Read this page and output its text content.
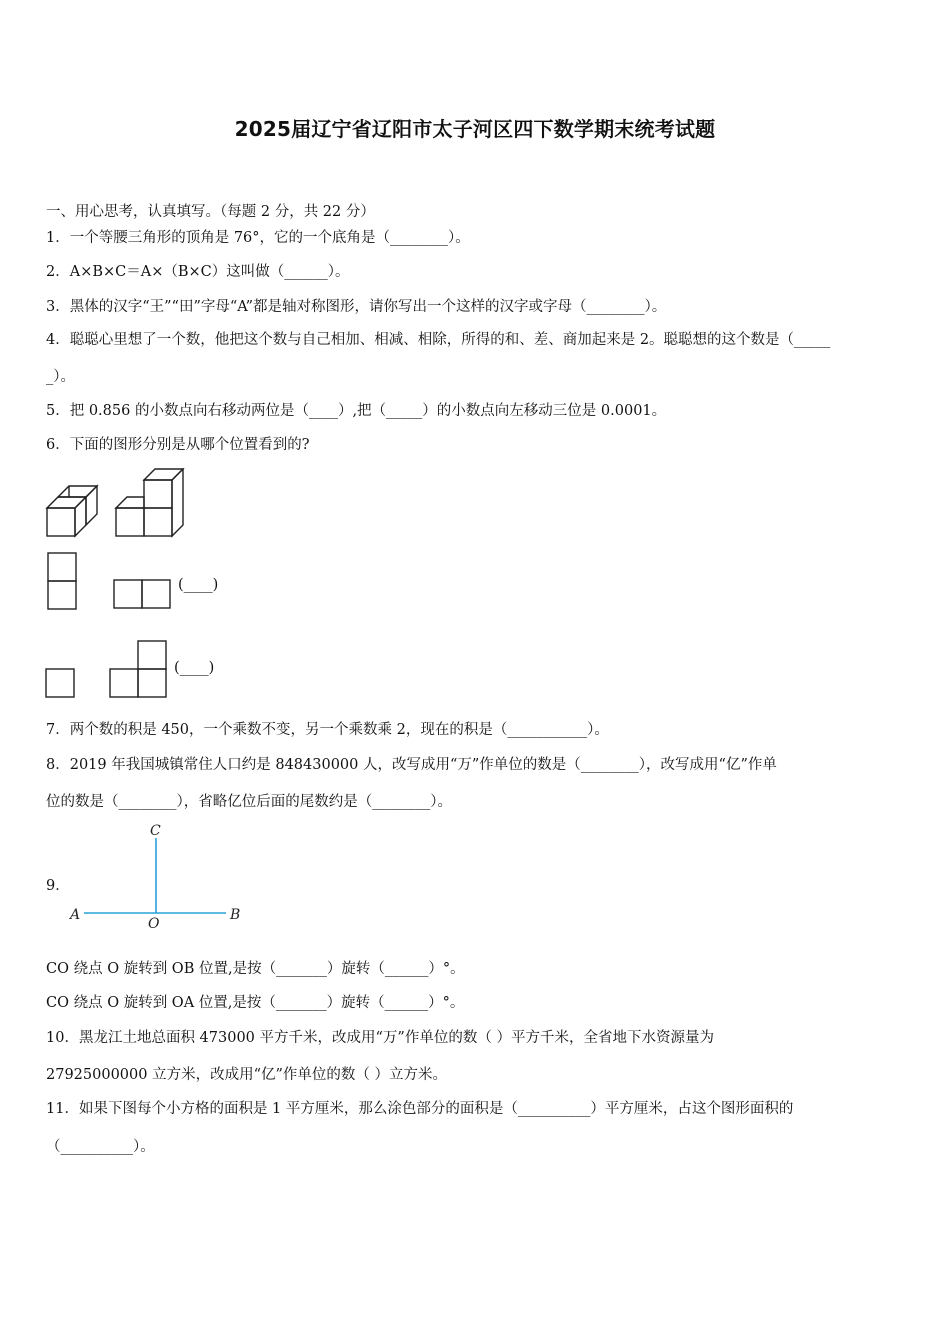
2025届辽宁省辽阳市太子河区四下数学期末统考试题
一、用心思考，认真填写。（每题 2 分，共 22 分）
1．一个等腰三角形的顶角是 76°，它的一个底角是（________）。
2．A×B×C＝A×（B×C）这叫做（______）。
3．黑体的汉字“王”“田”字母“A”都是轴对称图形，请你写出一个这样的汉字或字母（________）。
4．聪聪心里想了一个数，他把这个数与自己相加、相减、相除，所得的和、差、商加起来是 2。聪聪想的这个数是（_____
_）。
5．把 0.856 的小数点向右移动两位是（____）,把（_____）的小数点向左移动三位是 0.0001。
6．下面的图形分别是从哪个位置看到的?
(____)
(____)
7．两个数的积是 450，一个乘数不变，另一个乘数乘 2，现在的积是（___________）。
8．2019 年我国城镇常住人口约是 848430000 人，改写成用“万”作单位的数是（________），改写成用“亿”作单
位的数是（________），省略亿位后面的尾数约是（________）。
9．
C
A
O
B
CO 绕点 O 旋转到 OB 位置,是按（_______）旋转（______）°。
CO 绕点 O 旋转到 OA 位置,是按（_______）旋转（______）°。
10．黑龙江土地总面积 473000 平方千米，改成用“万”作单位的数（ ）平方千米，全省地下水资源量为
27925000000 立方米，改成用“亿”作单位的数（ ）立方米。
11．如果下图每个小方格的面积是 1 平方厘米，那么涂色部分的面积是（__________）平方厘米，占这个图形面积的
（__________）。
